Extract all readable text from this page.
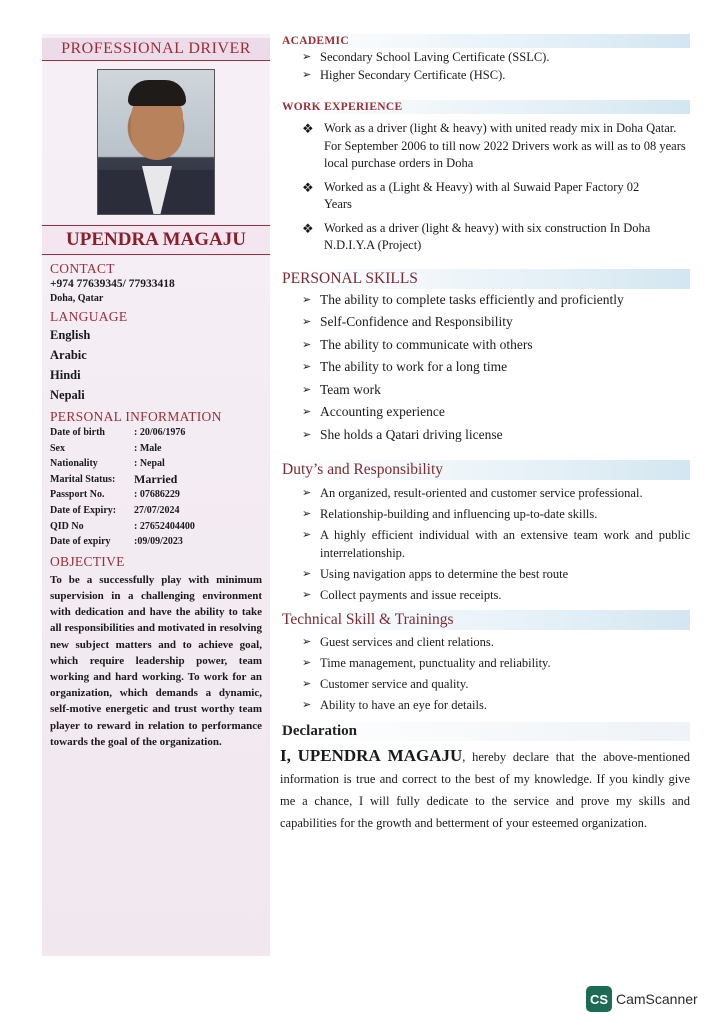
PROFESSIONAL DRIVER
UPENDRA MAGAJU
CONTACT
+974 77639345/ 77933418
Doha, Qatar
LANGUAGE
English
Arabic
Hindi
Nepali
PERSONAL INFORMATION
Date of birth	: 20/06/1976
Sex	: Male
Nationality	: Nepal
Marital Status:	Married
Passport No.	: 07686229
Date of Expiry:	27/07/2024
QID No	: 27652404400
Date of expiry	:09/09/2023
OBJECTIVE
To be a successfully play with minimum supervision in a challenging environment with dedication and have the ability to take all responsibilities and motivated in resolving new subject matters and to achieve goal, which require leadership power, team working and hard working. To work for an organization, which demands a dynamic, self-motive energetic and trust worthy team player to reward in relation to performance towards the goal of the organization.
ACADEMIC
➢ Secondary School Laving Certificate (SSLC).
➢ Higher Secondary Certificate (HSC).
WORK EXPERIENCE
❖ Work as a driver (light & heavy) with united ready mix in Doha Qatar. For September 2006 to till now 2022 Drivers work as will as to 08 years local purchase orders in Doha
❖ Worked as a (Light & Heavy) with al Suwaid Paper Factory 02 Years
❖ Worked as a driver (light & heavy) with six construction In Doha N.D.I.Y.A (Project)
PERSONAL SKILLS
➢ The ability to complete tasks efficiently and proficiently
➢ Self-Confidence and Responsibility
➢ The ability to communicate with others
➢ The ability to work for a long time
➢ Team work
➢ Accounting experience
➢ She holds a Qatari driving license
Duty’s and Responsibility
➢ An organized, result-oriented and customer service professional.
➢ Relationship-building and influencing up-to-date skills.
➢ A highly efficient individual with an extensive team work and public interrelationship.
➢ Using navigation apps to determine the best route
➢ Collect payments and issue receipts.
Technical Skill & Trainings
➢ Guest services and client relations.
➢ Time management, punctuality and reliability.
➢ Customer service and quality.
➢ Ability to have an eye for details.
Declaration

I, UPENDRA MAGAJU, hereby declare that the above-mentioned information is true and correct to the best of my knowledge. If you kindly give me a chance, I will fully dedicate to the service and prove my skills and capabilities for the growth and betterment of your esteemed organization.

CS CamScanner
